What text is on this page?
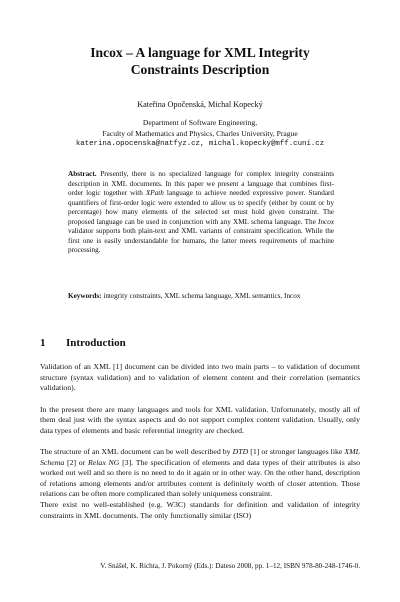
Incox – A language for XML Integrity
Constraints Description
Kateřina Opočenská, Michal Kopecký
Department of Software Engineering,
Faculty of Mathematics and Physics, Charles University, Prague
katerina.opocenska@natfyz.cz, michal.kopecky@mff.cuni.cz
Abstract. Presently, there is no specialized language for complex integrity constraints description in XML documents. In this paper we present a language that combines first-order logic together with XPath language to achieve needed expressive power. Standard quantifiers of first-order logic were extended to allow us to specify (either by count or by percentage) how many elements of the selected set must hold given constraint. The proposed language can be used in conjunction with any XML schema language. The Incox validator supports both plain-text and XML variants of constraint specification. While the first one is easily understandable for humans, the latter meets requirements of machine processing.
Keywords: integrity constraints, XML schema language, XML semantics, Incox
1 Introduction

Validation of an XML [1] document can be divided into two main parts – to validation of document structure (syntax validation) and to validation of element content and their correlation (semantics validation).

In the present there are many languages and tools for XML validation. Unfortunately, mostly all of them deal just with the syntax aspects and do not support complex content validation. Usually, only data types of elements and basic referential integrity are checked.

The structure of an XML document can be well described by DTD [1] or stronger languages like XML Schema [2] or Relax NG [3]. The specification of elements and data types of their attributes is also worked out well and so there is no need to do it again or in other way. On the other hand, description of relations among elements and/or attributes content is definitely worth of closer attention. Those relations can be often more complicated than solely uniqueness constraint.

There exist no well-established (e.g. W3C) standards for definition and validation of integrity constraints in XML documents. The only functionally similar (ISO)

V. Snášel, K. Richta, J. Pokorný (Eds.): Dateso 2008, pp. 1–12, ISBN 978-80-248-1746-0.
